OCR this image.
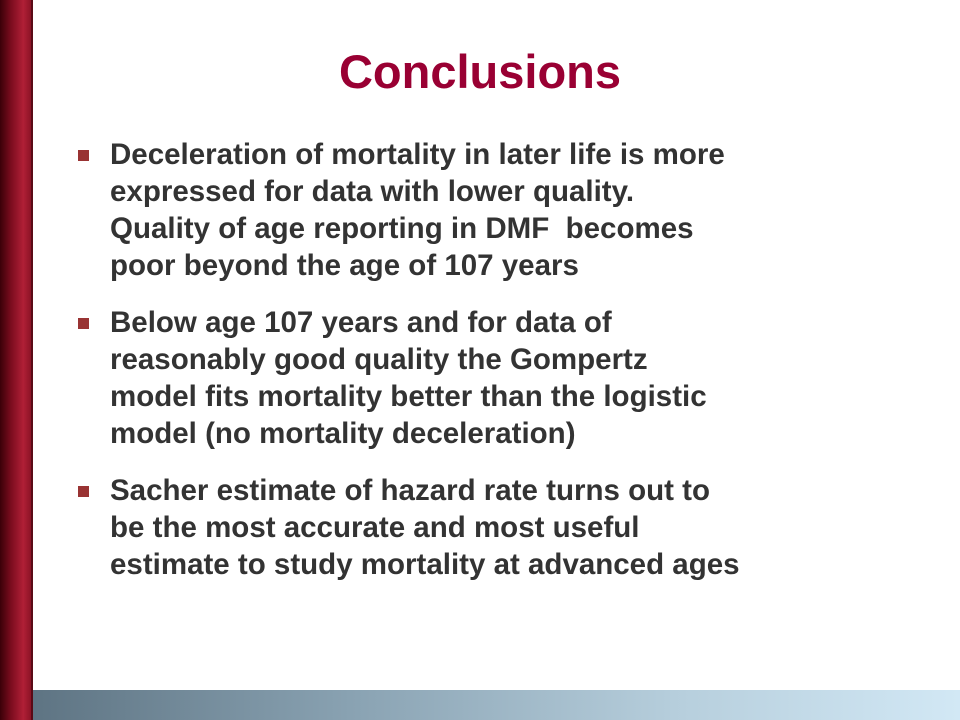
Conclusions
Deceleration of mortality in later life is more
expressed for data with lower quality.
Quality of age reporting in DMF  becomes
poor beyond the age of 107 years
Below age 107 years and for data of
reasonably good quality the Gompertz
model fits mortality better than the logistic
model (no mortality deceleration)
Sacher estimate of hazard rate turns out to
be the most accurate and most useful
estimate to study mortality at advanced ages
